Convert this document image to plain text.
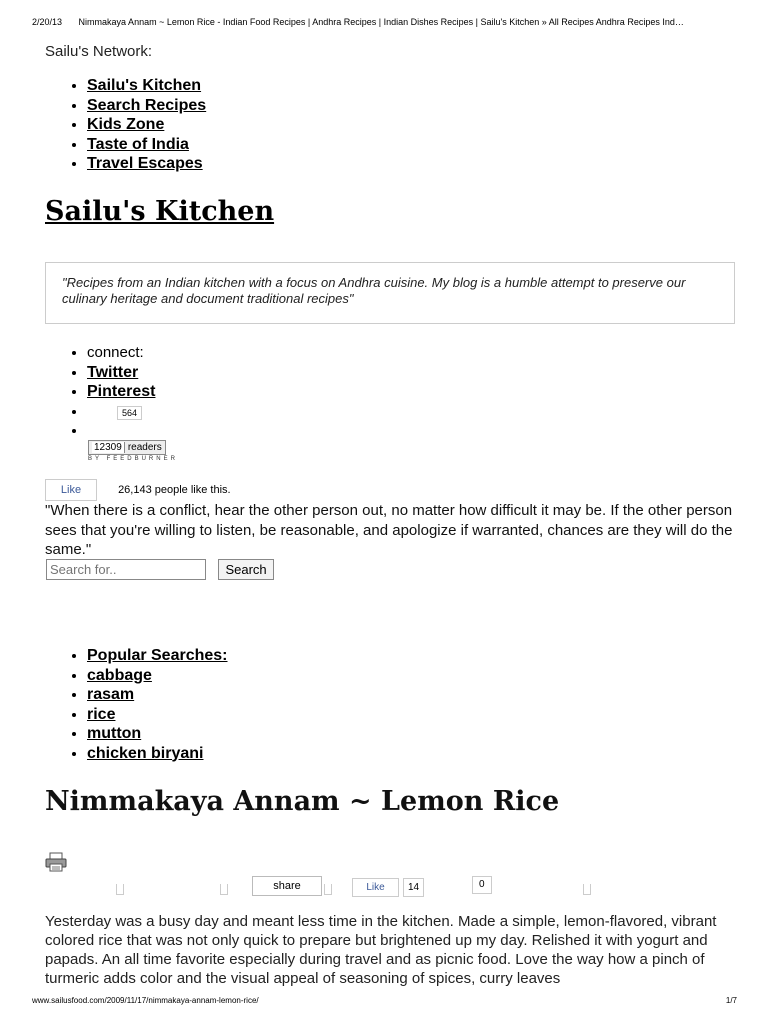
2/20/13 Nimmakaya Annam ~ Lemon Rice - Indian Food Recipes | Andhra Recipes | Indian Dishes Recipes | Sailu's Kitchen » All Recipes Andhra Recipes Ind…
Sailu's Network:
• Sailu's Kitchen
• Search Recipes
• Kids Zone
• Taste of India
• Travel Escapes
Sailu's Kitchen
"Recipes from an Indian kitchen with a focus on Andhra cuisine. My blog is a humble attempt to preserve our culinary heritage and document traditional recipes"
• connect:
• Twitter
• Pinterest
• 564
•
12309 readers
BY FEEDBURNER
Like	26,143 people like this.
"When there is a conflict, hear the other person out, no matter how difficult it may be. If the other person sees that you're willing to listen, be reasonable, and apologize if warranted, chances are they will do the same."
Search for.. Search
• Popular Searches:
• cabbage
• rasam
• rice
• mutton
• chicken biryani
Nimmakaya Annam ~ Lemon Rice
share	Like	14	0
Yesterday was a busy day and meant less time in the kitchen. Made a simple, lemon-flavored, vibrant colored rice that was not only quick to prepare but brightened up my day. Relished it with yogurt and papads. An all time favorite especially during travel and as picnic food. Love the way how a pinch of turmeric adds color and the visual appeal of seasoning of spices, curry leaves
www.sailusfood.com/2009/11/17/nimmakaya-annam-lemon-rice/	1/7
